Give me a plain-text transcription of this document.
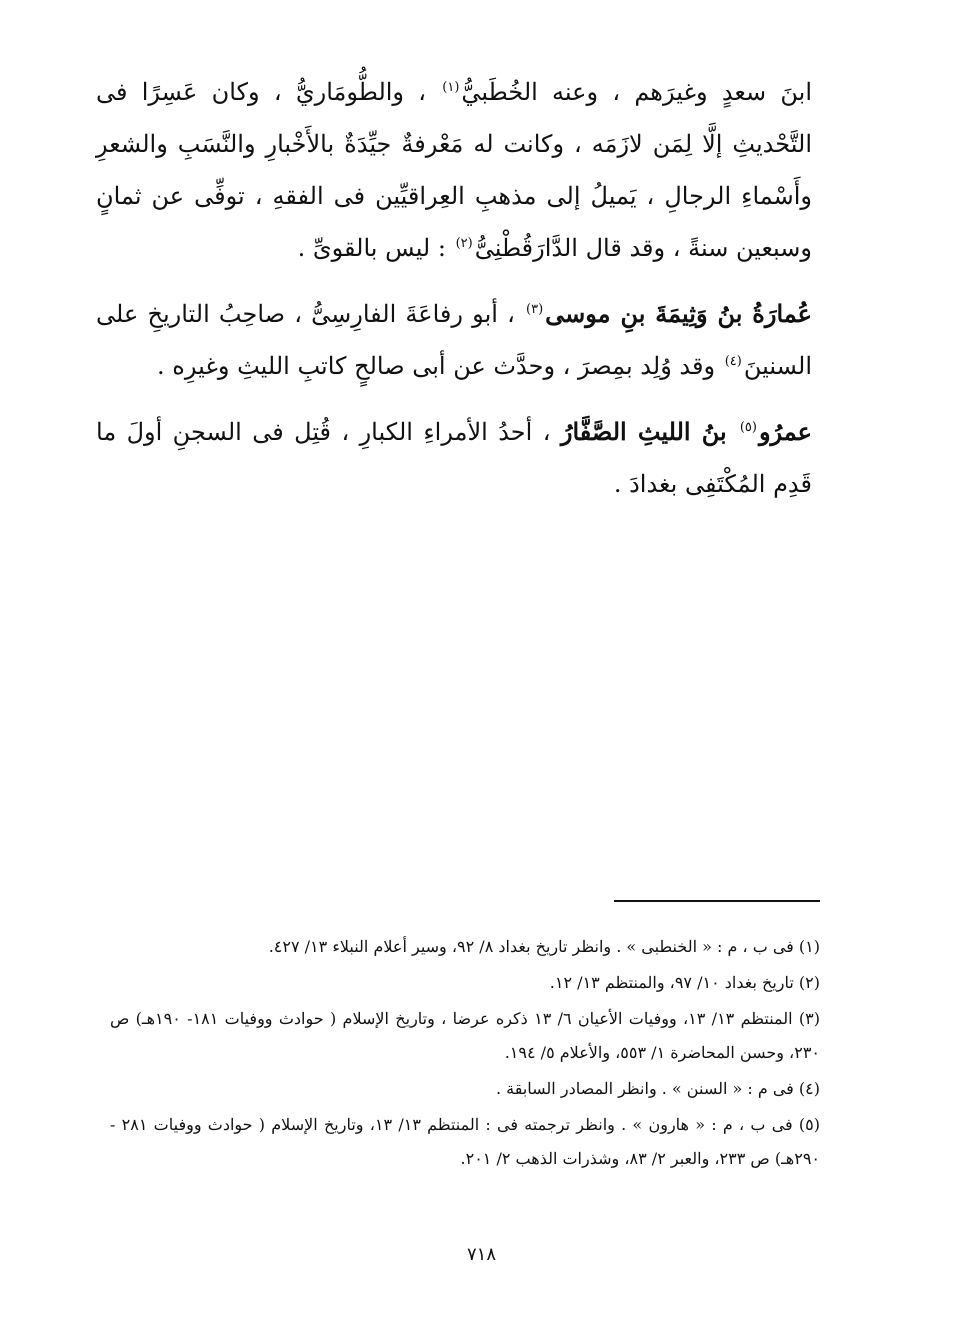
ابنَ سعدٍ وغيرَهم ، وعنه الخُطَبيُّ$^{(١)}$ ، والطُّومَاريُّ ، وكان عَسِرًا فى التَّحْديثِ إلَّا لِمَن لازَمَه ، وكانت له مَعْرفةٌ جيِّدَةٌ بالأَخْبارِ والنَّسَبِ والشعرِ وأَسْماءِ الرجالِ ، يَميلُ إلى مذهبِ العِراقيِّين فى الفقهِ ، توفِّى عن ثمانٍ وسبعين سنةً ، وقد قال الدَّارَقُطْنِىُّ$^{(٢)}$ : ليس بالقوىِّ .

عُمارَةُ بنُ وَثِيمَةَ بنِ موسى$^{(٣)}$ ، أبو رفاعَةَ الفارِسِىُّ ، صاحِبُ التاريخِ على السنينَ$^{(٤)}$ وقد وُلِد بمِصرَ ، وحدَّث عن أبى صالحٍ كاتبِ الليثِ وغيرِه .

عمرُو$^{(٥)}$ بنُ الليثِ الصَّفَّارُ ، أحدُ الأمراءِ الكبارِ ، قُتِل فى السجنِ أولَ ما قَدِم المُكْتَفِى بغدادَ .

(١) فى ب ، م : « الخنطبى » . وانظر تاريخ بغداد ٨/ ٩٢، وسير أعلام النبلاء ١٣/ ٤٢٧.

(٢) تاريخ بغداد ١٠/ ٩٧، والمنتظم ١٣/ ١٢.

(٣) المنتظم ١٣/ ١٣، ووفيات الأعيان ٦/ ١٣ ذكره عرضا ، وتاريخ الإسلام ( حوادث ووفيات ١٨١- ١٩٠هـ) ص ٢٣٠، وحسن المحاضرة ١/ ٥٥٣، والأعلام ٥/ ١٩٤.

(٤) فى م : « السنن » . وانظر المصادر السابقة .

(٥) فى ب ، م : « هارون » . وانظر ترجمته فى : المنتظم ١٣/ ١٣، وتاريخ الإسلام ( حوادث ووفيات ٢٨١ - ٢٩٠هـ) ص ٢٣٣، والعبر ٢/ ٨٣، وشذرات الذهب ٢/ ٢٠١.

٧١٨
